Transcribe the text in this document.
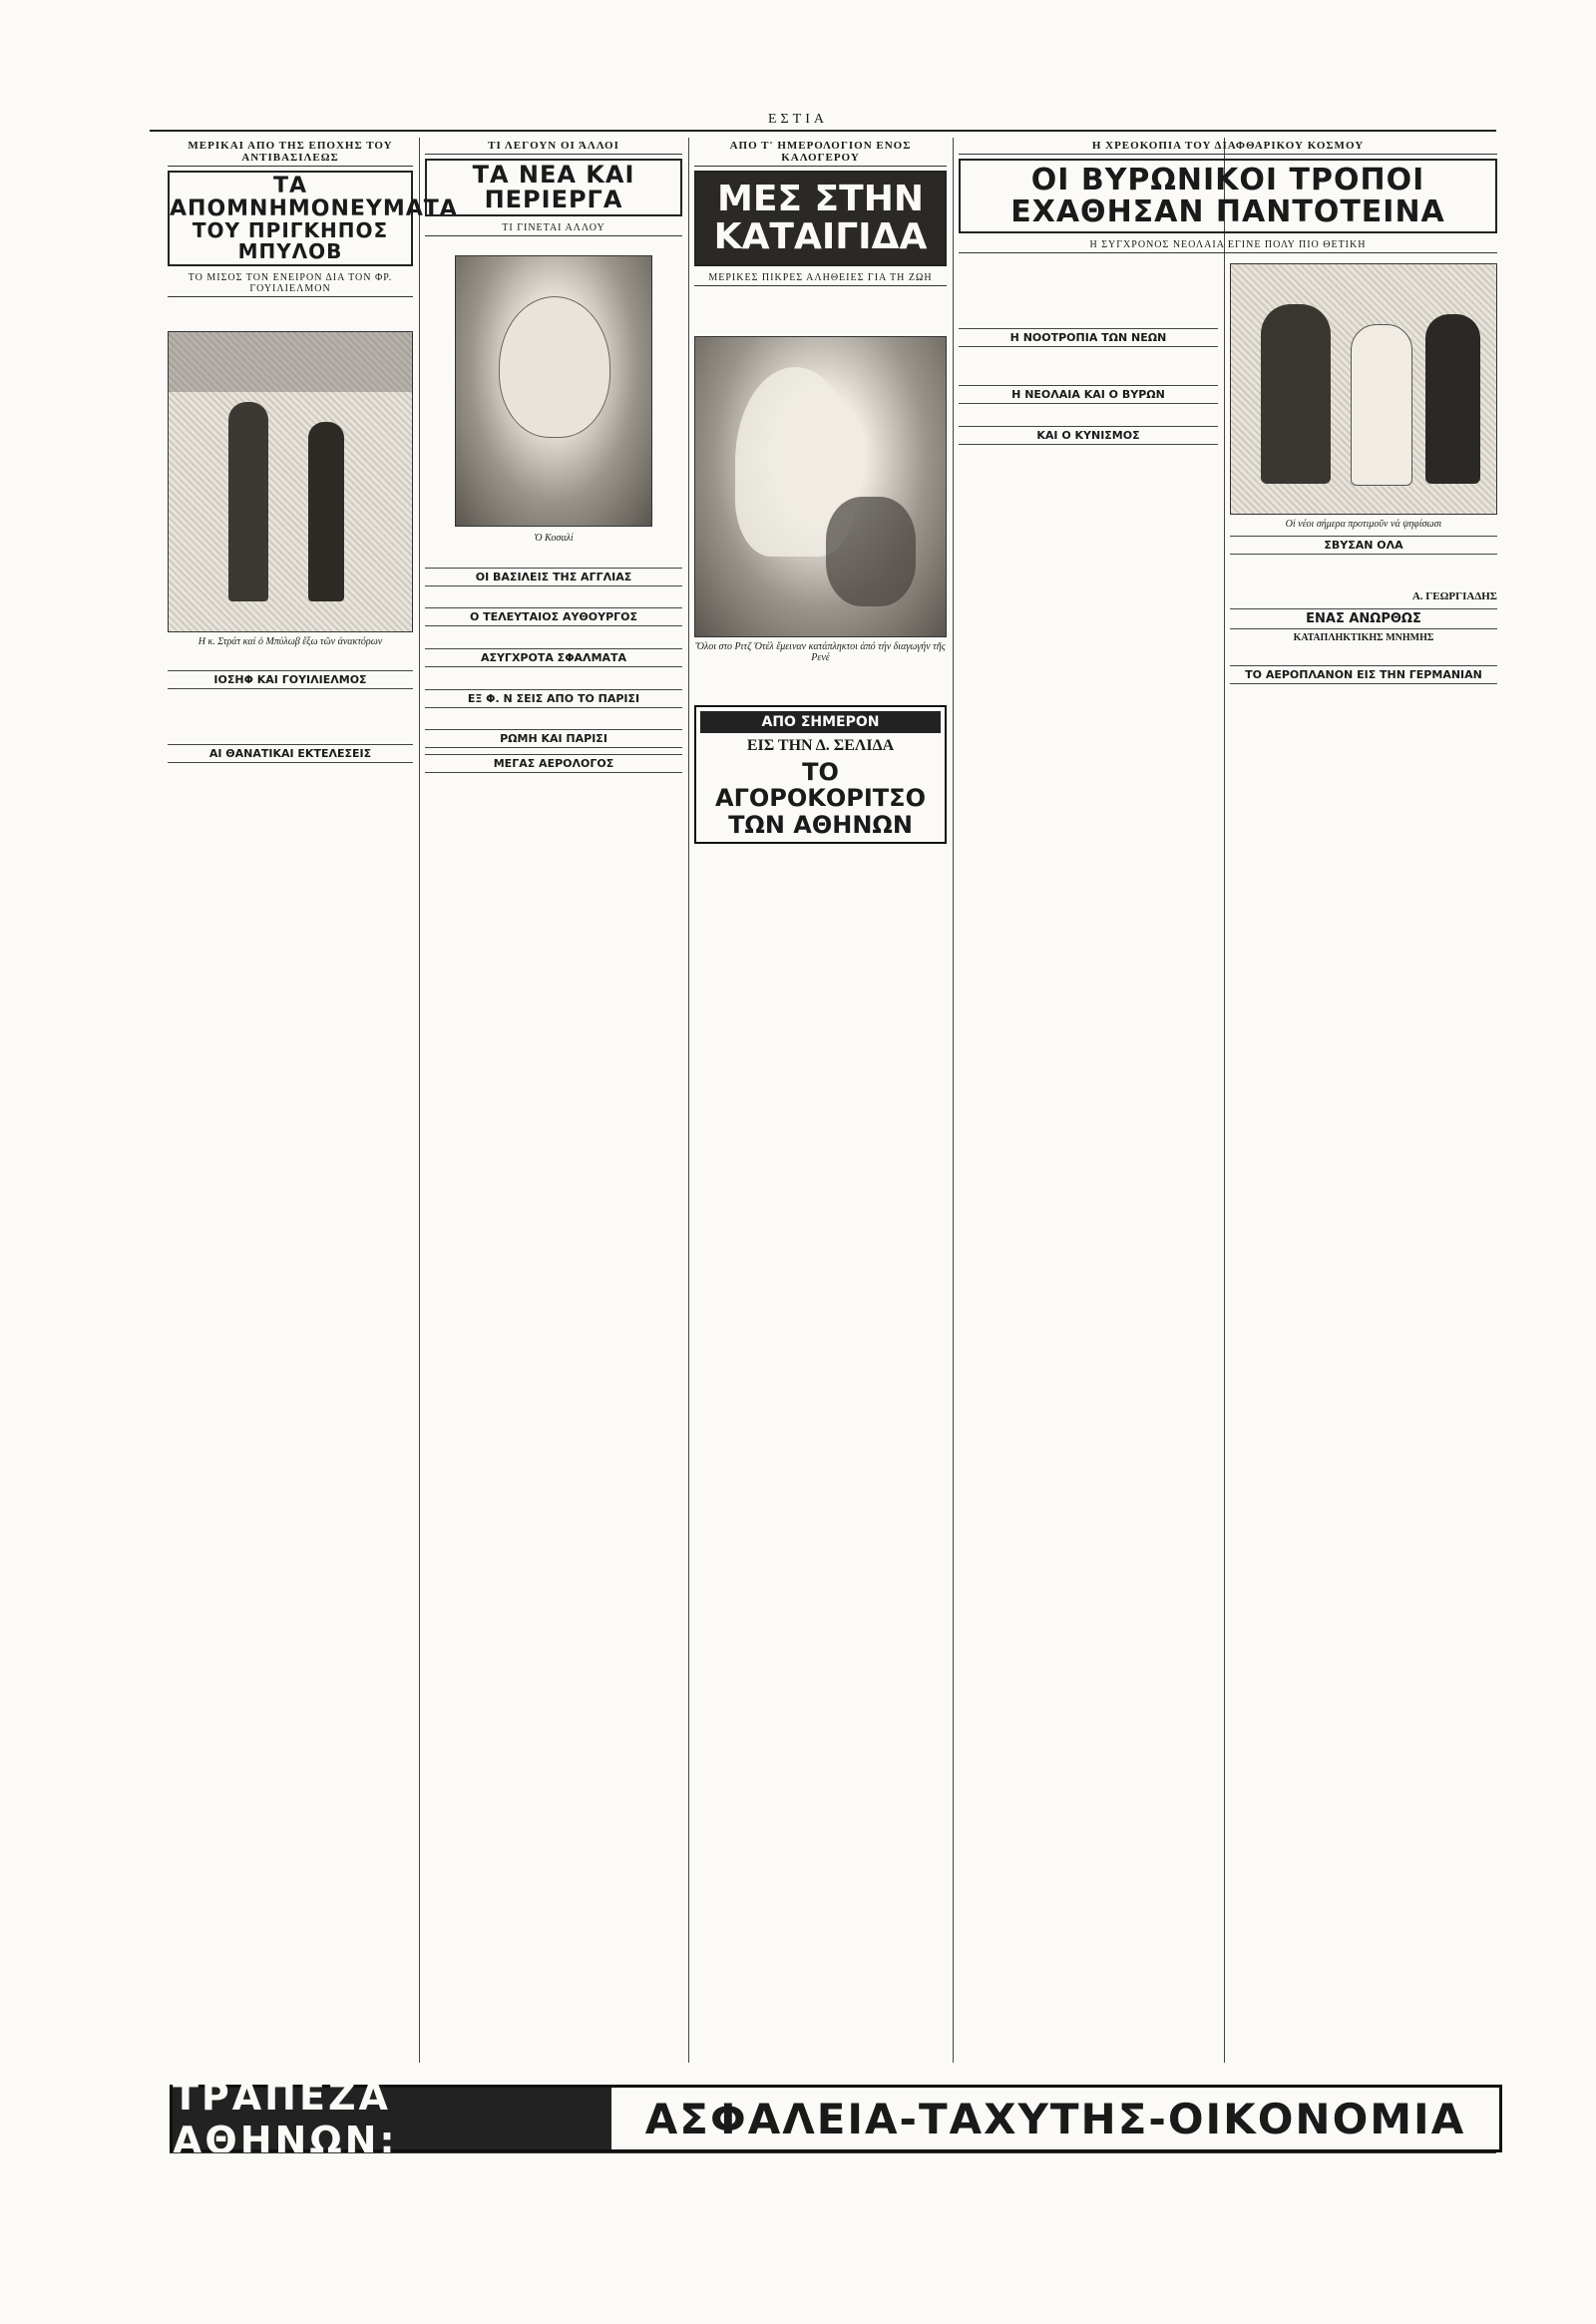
ΕΣΤΙΑ
ΜΕΡΙΚΑΙ ΑΠΟ ΤΗΣ ΕΠΟΧΗΣ ΤΟΥ ΑΝΤΙΒΑΣΙΛΕΩΣ
ΤΑ ΑΠΟΜΝΗΜΟΝΕΥΜΑΤΑ
ΤΟΥ ΠΡΙΓΚΗΠΟΣ ΜΠΥΛΟΒ
ΤΟ ΜΙΣΟΣ ΤΟΝ ΕΝΕΙΡΟΝ ΔΙΑ ΤΟΝ ΦΡ. ΓΟΥΙΛΙΕΛΜΟΝ

Η κ. Στράτ καί ὁ Μπύλωβ ἔξω τῶν ἀνακτόρων

ΙΟΣΗΦ ΚΑΙ ΓΟΥΙΛΙΕΛΜΟΣ

ΑΙ ΘΑΝΑΤΙΚΑΙ ΕΚΤΕΛΕΣΕΙΣ

ΤΙ ΛΕΓΟΥΝ ΟΙ ΆΛΛΟΙ
ΤΑ ΝΕΑ ΚΑΙ
ΠΕΡΙΕΡΓΑ
ΤΙ ΓΙΝΕΤΑΙ ΑΛΛΟΥ

Ὁ Κοσαλί

ΟΙ ΒΑΣΙΛΕΙΣ ΤΗΣ ΑΓΓΛΙΑΣ

Ο ΤΕΛΕΥΤΑΙΟΣ ΑΥΘΟΥΡΓΟΣ

ΑΣΥΓΧΡΟΤΑ ΣΦΑΛΜΑΤΑ

ΕΞ Φ. Ν ΣΕΙΣ ΑΠΟ ΤΟ ΠΑΡΙΣΙ

ΡΩΜΗ ΚΑΙ ΠΑΡΙΣΙ
ΜΕΓΑΣ ΑΕΡΟΛΟΓΟΣ
ΑΠΟ Τ' ΗΜΕΡΟΛΟΓΙΟΝ ΕΝΟΣ ΚΑΛΟΓΕΡΟΥ
ΜΕΣ ΣΤΗΝ ΚΑΤΑΙΓΙΔΑ
ΜΕΡΙΚΕΣ ΠΙΚΡΕΣ ΑΛΗΘΕΙΕΣ ΓΙΑ ΤΗ ΖΩΗ

Ὅλοι στο Ριτζ Ὁτέλ ἔμειναν κατάπληκτοι ἀπό τήν διαγωγήν τῆς Ρενέ

ΑΠΟ ΣΗΜΕΡΟΝ
ΕΙΣ ΤΗΝ Δ. ΣΕΛΙΔΑ
ΤΟ ΑΓΟΡΟΚΟΡΙΤΣΟ
ΤΩΝ ΑΘΗΝΩΝ

Η ΧΡΕΟΚΟΠΙΑ ΤΟΥ ΔΙΑΦΘΑΡΙΚΟΥ ΚΟΣΜΟΥ
ΟΙ ΒΥΡΩΝΙΚΟΙ ΤΡΟΠΟΙ
ΕΧΑΘΗΣΑΝ ΠΑΝΤΟΤΕΙΝΑ
Η ΣΥΓΧΡΟΝΟΣ ΝΕΟΛΑΙΑ ΕΓΙΝΕ ΠΟΛΥ ΠΙΟ ΘΕΤΙΚΗ

Η ΝΟΟΤΡΟΠΙΑ ΤΩΝ ΝΕΩΝ

Η ΝΕΟΛΑΙΑ ΚΑΙ Ο ΒΥΡΩΝ

ΚΑΙ Ο ΚΥΝΙΣΜΟΣ

Οἱ νέοι σήμερα προτιμοῦν νά ψηφίσωσι
ΣΒΥΣΑΝ ΟΛΑ

Α. ΓΕΩΡΓΙΑΔΗΣ
ΕΝΑΣ ΑΝΩΡΘΩΣ
ΚΑΤΑΠΛΗΚΤΙΚΗΣ ΜΝΗΜΗΣ

ΤΟ ΑΕΡΟΠΛΑΝΟΝ ΕΙΣ ΤΗΝ ΓΕΡΜΑΝΙΑΝ

ΤΡΑΠΕΖΑ ΑΘΗΝΩΝ:	ΑΣΦΑΛΕΙΑ-ΤΑΧΥΤΗΣ-ΟΙΚΟΝΟΜΙΑ
